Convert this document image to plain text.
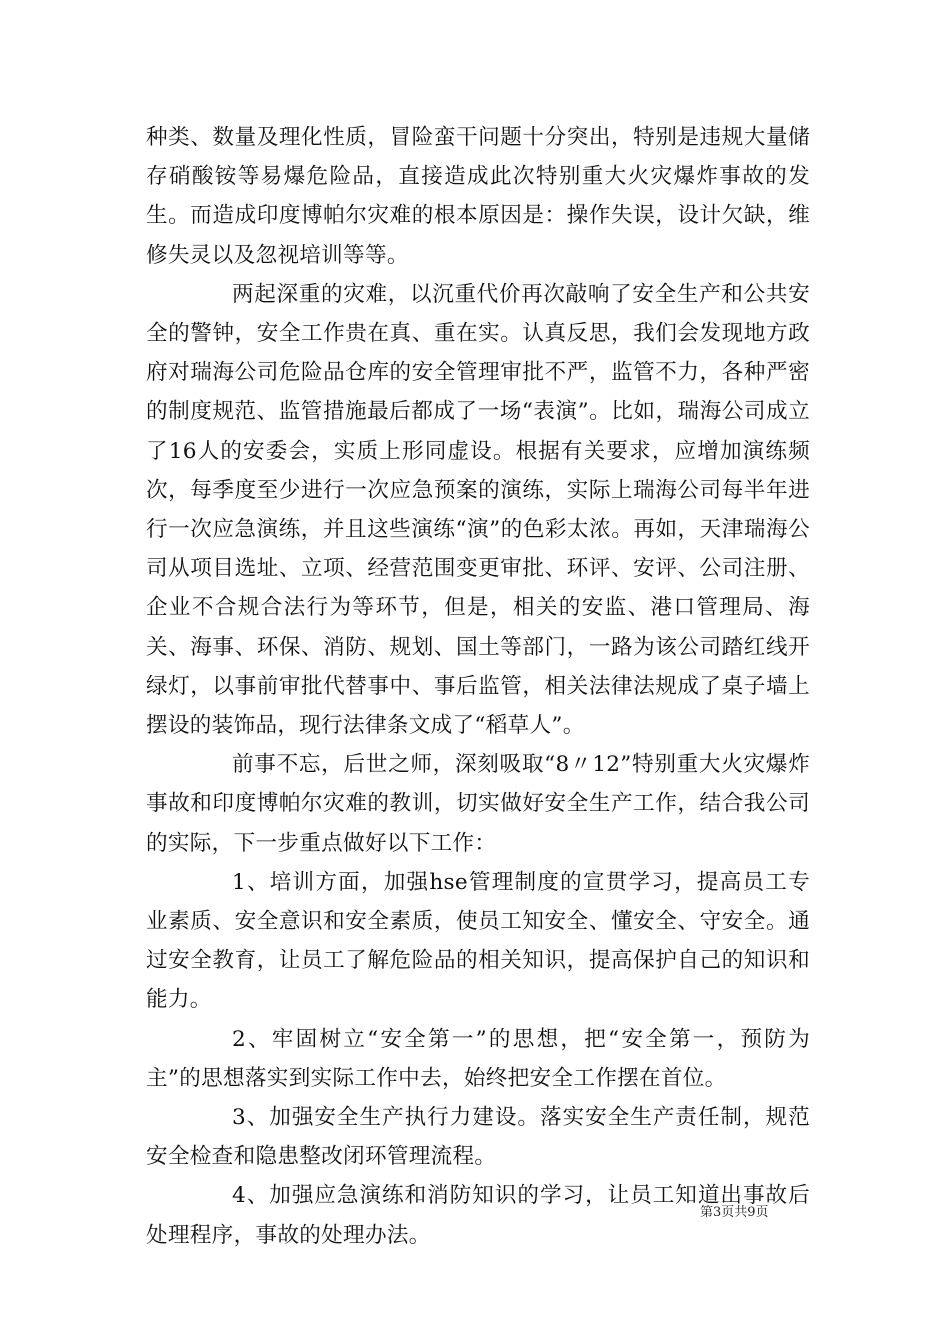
种类、数量及理化性质，冒险蛮干问题十分突出，特别是违规大量储存硝酸铵等易爆危险品，直接造成此次特别重大火灾爆炸事故的发生。而造成印度博帕尔灾难的根本原因是：操作失误，设计欠缺，维修失灵以及忽视培训等等。

两起深重的灾难，以沉重代价再次敲响了安全生产和公共安全的警钟，安全工作贵在真、重在实。认真反思，我们会发现地方政府对瑞海公司危险品仓库的安全管理审批不严，监管不力，各种严密的制度规范、监管措施最后都成了一场“表演”。比如，瑞海公司成立了16人的安委会，实质上形同虚设。根据有关要求，应增加演练频次，每季度至少进行一次应急预案的演练，实际上瑞海公司每半年进行一次应急演练，并且这些演练“演”的色彩太浓。再如，天津瑞海公司从项目选址、立项、经营范围变更审批、环评、安评、公司注册、企业不合规合法行为等环节，但是，相关的安监、港口管理局、海关、海事、环保、消防、规划、国土等部门，一路为该公司踏红线开绿灯，以事前审批代替事中、事后监管，相关法律法规成了桌子墙上摆设的装饰品，现行法律条文成了“稻草人”。

前事不忘，后世之师，深刻吸取“8〃12”特别重大火灾爆炸事故和印度博帕尔灾难的教训，切实做好安全生产工作，结合我公司的实际，下一步重点做好以下工作：

1、培训方面，加强hse管理制度的宣贯学习，提高员工专业素质、安全意识和安全素质，使员工知安全、懂安全、守安全。通过安全教育，让员工了解危险品的相关知识，提高保护自己的知识和能力。

2、牢固树立“安全第一”的思想，把“安全第一，预防为主”的思想落实到实际工作中去，始终把安全工作摆在首位。

3、加强安全生产执行力建设。落实安全生产责任制，规范安全检查和隐患整改闭环管理流程。

4、加强应急演练和消防知识的学习，让员工知道出事故后处理程序，事故的处理办法。

第3页共9页
